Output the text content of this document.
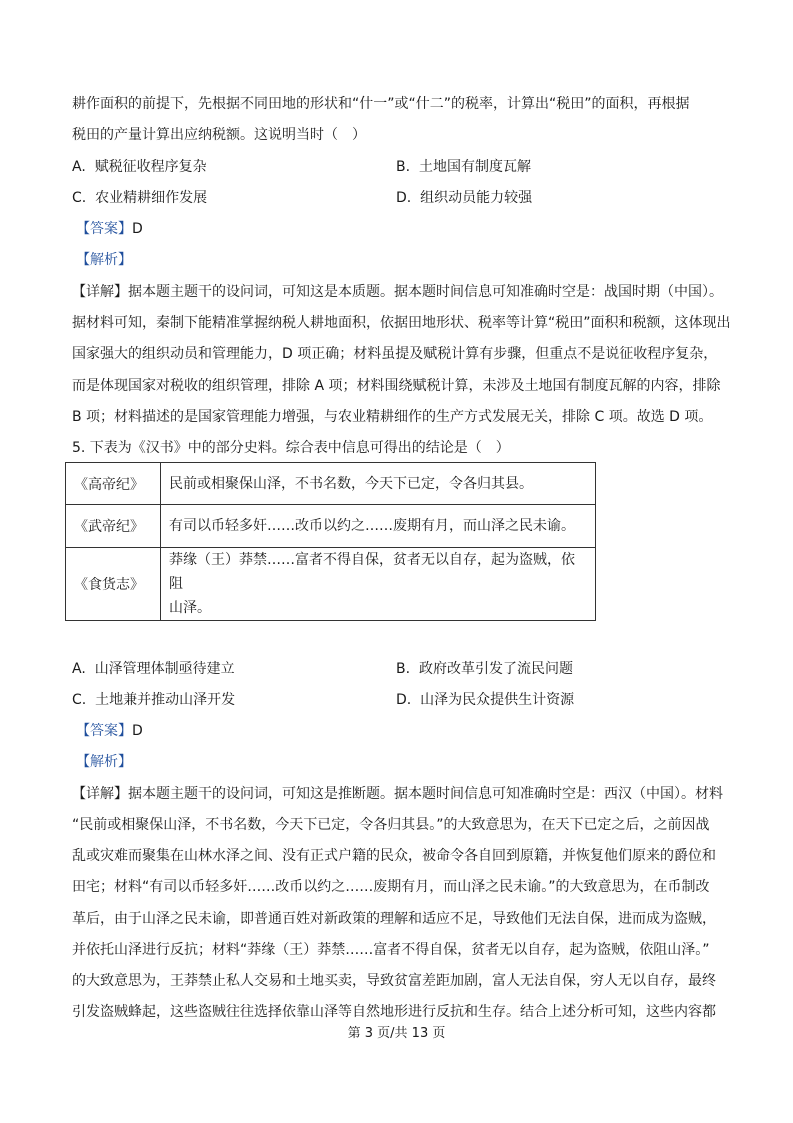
耕作面积的前提下，先根据不同田地的形状和“什一”或“什二”的税率，计算出“税田”的面积，再根据
税田的产量计算出应纳税额。这说明当时（　）
A. 赋税征收程序复杂	B. 土地国有制度瓦解
C. 农业精耕细作发展	D. 组织动员能力较强
【答案】D
【解析】
【详解】据本题主题干的设问词，可知这是本质题。据本题时间信息可知准确时空是：战国时期（中国）。
据材料可知，秦制下能精准掌握纳税人耕地面积，依据田地形状、税率等计算“税田”面积和税额，这体现出
国家强大的组织动员和管理能力，D 项正确；材料虽提及赋税计算有步骤，但重点不是说征收程序复杂，
而是体现国家对税收的组织管理，排除 A 项；材料围绕赋税计算，未涉及土地国有制度瓦解的内容，排除
B 项；材料描述的是国家管理能力增强，与农业精耕细作的生产方式发展无关，排除 C 项。故选 D 项。
5. 下表为《汉书》中的部分史料。综合表中信息可得出的结论是（　）
《高帝纪》	民前或相聚保山泽，不书名数，今天下已定，令各归其县。
《武帝纪》	有司以币轻多奸……改币以约之……废期有月，而山泽之民未谕。
《食货志》	莽缘（王）莽禁……富者不得自保，贫者无以自存，起为盗贼，依阻
山泽。
A. 山泽管理体制亟待建立	B. 政府改革引发了流民问题
C. 土地兼并推动山泽开发	D. 山泽为民众提供生计资源
【答案】D
【解析】
【详解】据本题主题干的设问词，可知这是推断题。据本题时间信息可知准确时空是：西汉（中国）。材料
“民前或相聚保山泽，不书名数，今天下已定，令各归其县。”的大致意思为，在天下已定之后，之前因战
乱或灾难而聚集在山林水泽之间、没有正式户籍的民众，被命令各自回到原籍，并恢复他们原来的爵位和
田宅；材料“有司以币轻多奸……改币以约之……废期有月，而山泽之民未谕。”的大致意思为，在币制改
革后，由于山泽之民未谕，即普通百姓对新政策的理解和适应不足，导致他们无法自保，进而成为盗贼，
并依托山泽进行反抗；材料“莽缘（王）莽禁……富者不得自保，贫者无以自存，起为盗贼，依阻山泽。”
的大致意思为，王莽禁止私人交易和土地买卖，导致贫富差距加剧，富人无法自保，穷人无以自存，最终
引发盗贼蜂起，这些盗贼往往选择依靠山泽等自然地形进行反抗和生存。结合上述分析可知，这些内容都
第 3 页/共 13 页
